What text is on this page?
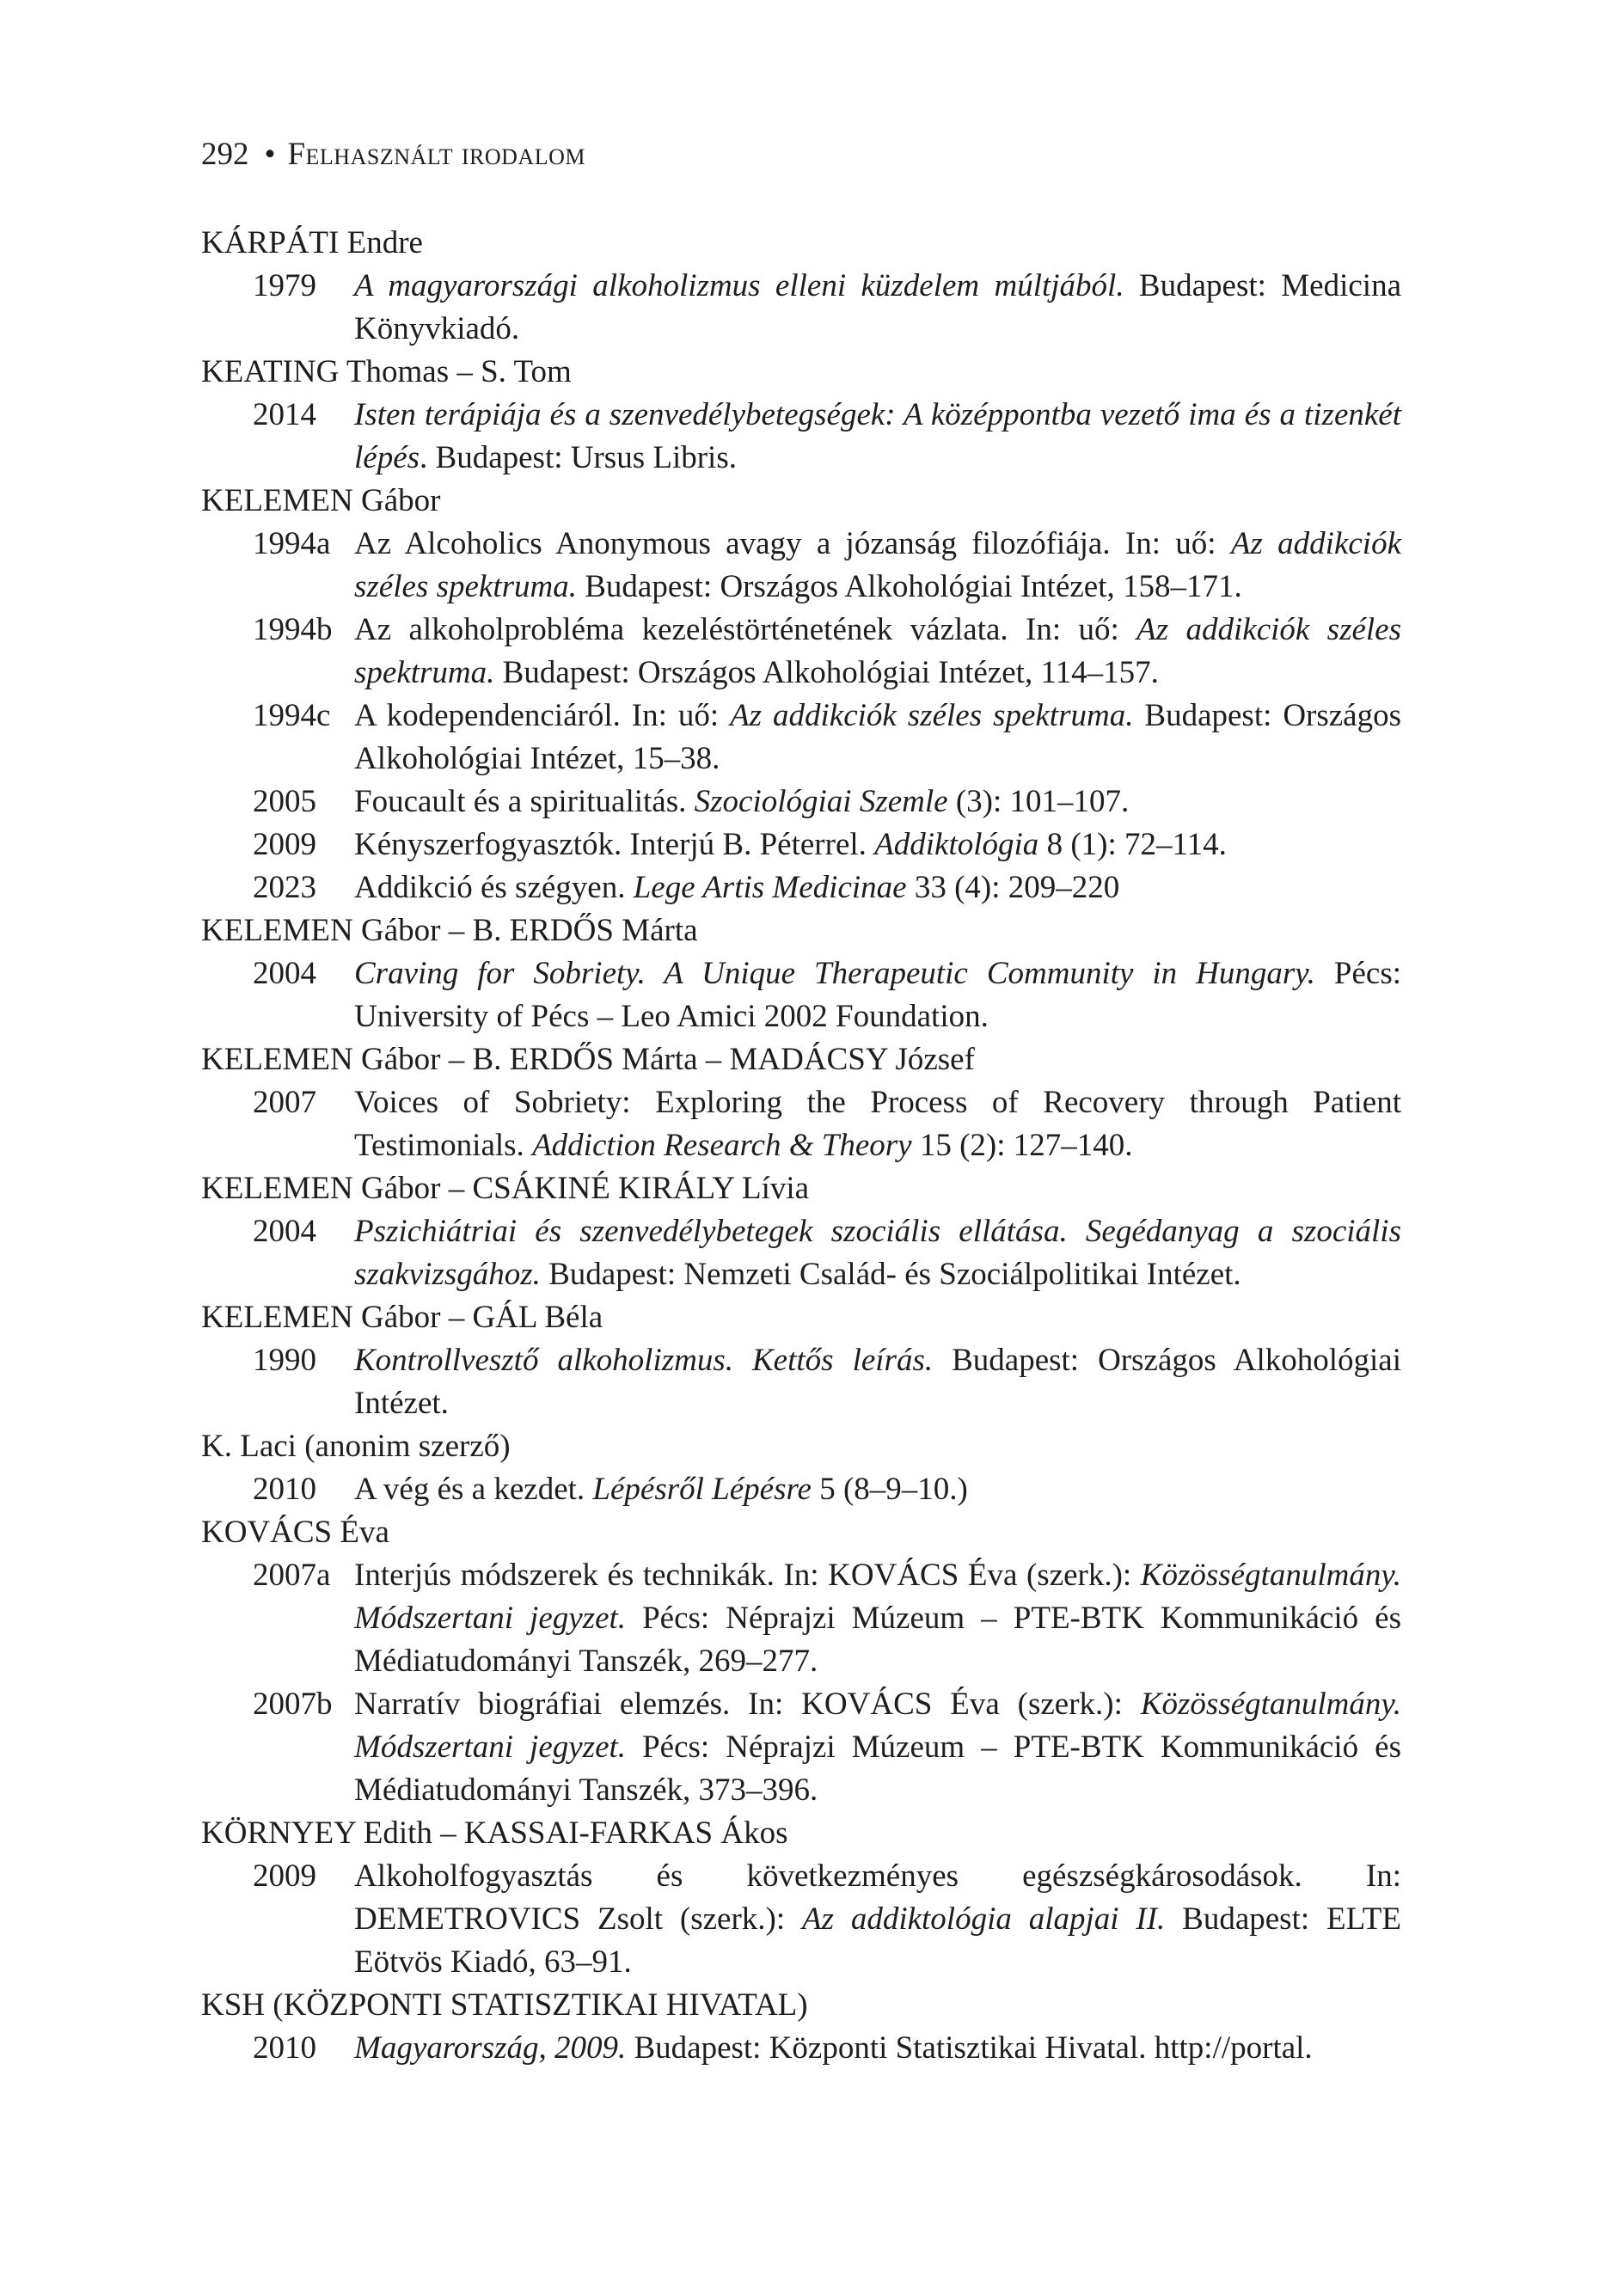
292 • Felhasznált irodalom
KÁRPÁTI Endre
1979	A magyarországi alkoholizmus elleni küzdelem múltjából. Budapest: Medicina Könyvkiadó.
KEATING Thomas – S. Tom
2014	Isten terápiája és a szenvedélybetegségek: A középpontba vezető ima és a tizenkét lépés. Budapest: Ursus Libris.
KELEMEN Gábor
1994a Az Alcoholics Anonymous avagy a józanság filozófiája. In: uő: Az addikciók széles spektruma. Budapest: Országos Alkohológiai Intézet, 158–171.
1994b Az alkoholprobléma kezeléstörténetének vázlata. In: uő: Az addikciók széles spektruma. Budapest: Országos Alkohológiai Intézet, 114–157.
1994c A kodependenciáról. In: uő: Az addikciók széles spektruma. Budapest: Országos Alkohológiai Intézet, 15–38.
2005	Foucault és a spiritualitás. Szociológiai Szemle (3): 101–107.
2009	Kényszerfogyasztók. Interjú B. Péterrel. Addiktológia 8 (1): 72–114.
2023	Addikció és szégyen. Lege Artis Medicinae 33 (4): 209–220
KELEMEN Gábor – B. ERDŐS Márta
2004	Craving for Sobriety. A Unique Therapeutic Community in Hungary. Pécs: University of Pécs – Leo Amici 2002 Foundation.
KELEMEN Gábor – B. ERDŐS Márta – MADÁCSY József
2007	Voices of Sobriety: Exploring the Process of Recovery through Patient Testimonials. Addiction Research & Theory 15 (2): 127–140.
KELEMEN Gábor – CSÁKINÉ KIRÁLY Lívia
2004	Pszichiátriai és szenvedélybetegek szociális ellátása. Segédanyag a szociális szakvizsgához. Budapest: Nemzeti Család- és Szociálpolitikai Intézet.
KELEMEN Gábor – GÁL Béla
1990	Kontrollvesztő alkoholizmus. Kettős leírás. Budapest: Országos Alkohológiai Intézet.
K. Laci (anonim szerző)
2010	A vég és a kezdet. Lépésről Lépésre 5 (8–9–10.)
KOVÁCS Éva
2007a Interjús módszerek és technikák. In: KOVÁCS Éva (szerk.): Közösségtanulmány. Módszertani jegyzet. Pécs: Néprajzi Múzeum – PTE-BTK Kommunikáció és Médiatudományi Tanszék, 269–277.
2007b Narratív biográfiai elemzés. In: KOVÁCS Éva (szerk.): Közösségtanulmány. Módszertani jegyzet. Pécs: Néprajzi Múzeum – PTE-BTK Kommunikáció és Médiatudományi Tanszék, 373–396.
KÖRNYEY Edith – KASSAI-FARKAS Ákos
2009	Alkoholfogyasztás és következményes egészségkárosodások. In: DEMETROVICS Zsolt (szerk.): Az addiktológia alapjai II. Budapest: ELTE Eötvös Kiadó, 63–91.
KSH (KÖZPONTI STATISZTIKAI HIVATAL)
2010	Magyarország, 2009. Budapest: Központi Statisztikai Hivatal. http://portal.
